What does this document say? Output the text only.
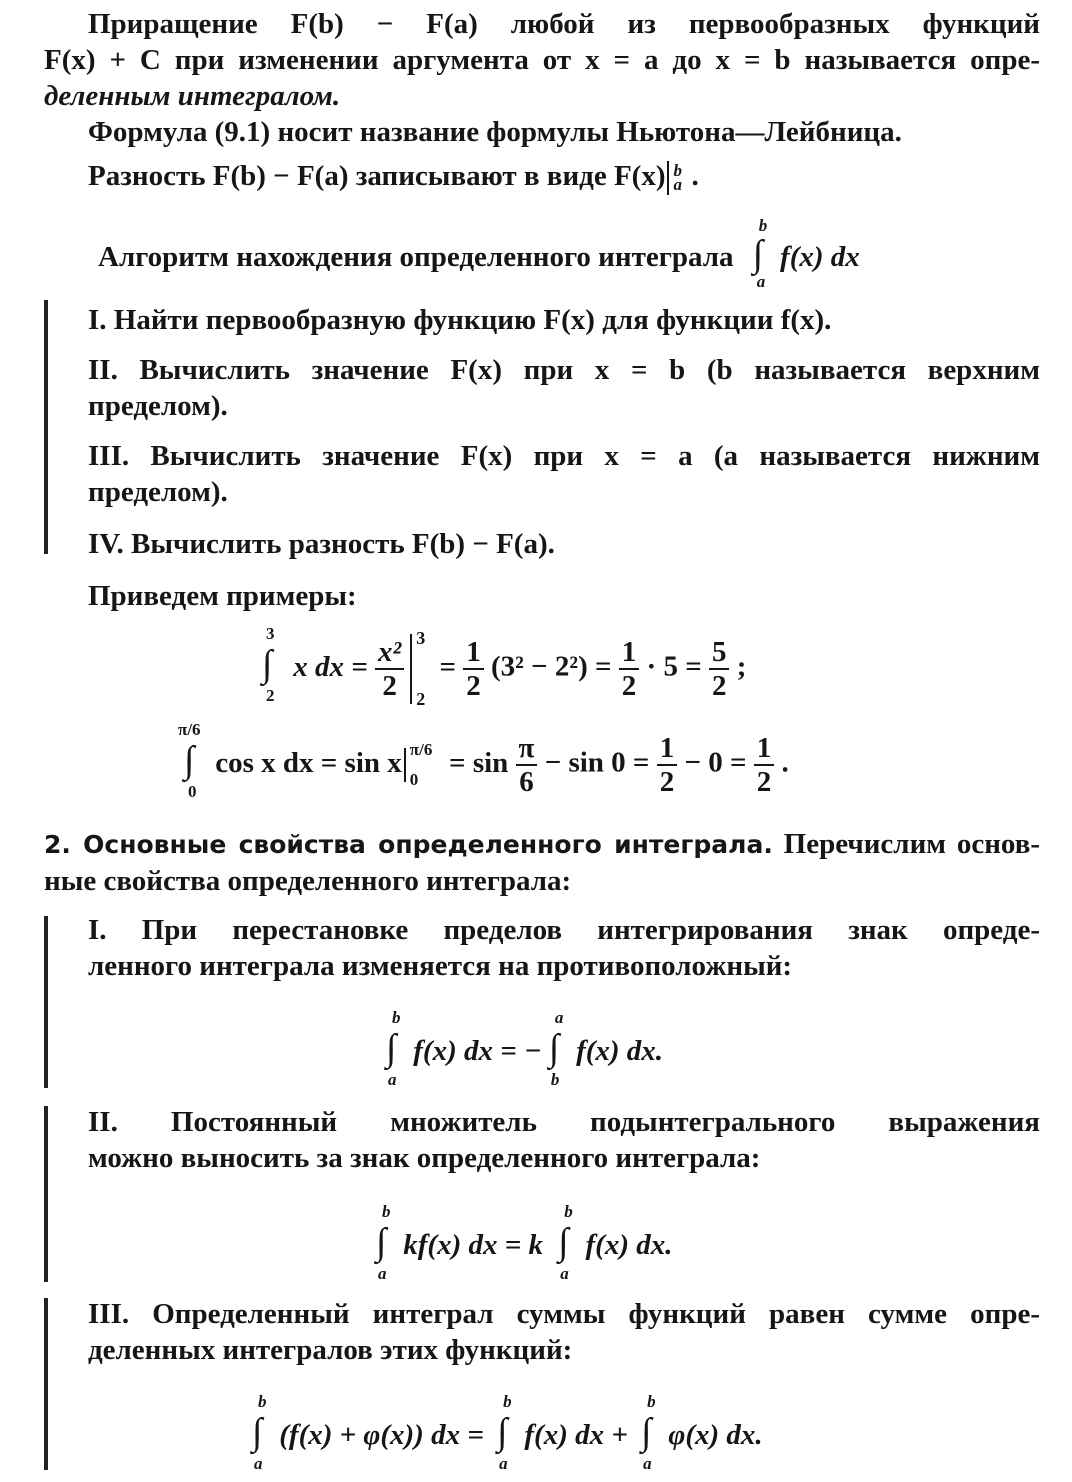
Приращение F(b) − F(a) любой из первообразных функций
F(x) + C при изменении аргумента от x = a до x = b называется опре-
деленным интегралом.
Формула (9.1) носит название формулы Ньютона—Лейбница.
Разность F(b) − F(a) записывают в виде F(x) b
a .
Алгоритм нахождения определенного интеграла ∫
b
a
f(x) dx
I. Найти первообразную функцию F(x) для функции f(x).
II. Вычислить значение F(x) при x = b (b называется верхним
пределом).
III. Вычислить значение F(x) при x = a (a называется нижним
пределом).
IV. Вычислить разность F(b) − F(a).
Приведем примеры:
∫
3
2
x dx = $\frac{\text{x²}}{2} 3$
2
= $\frac{1}{2} (3^2 - 2^2) = \frac{1}{2} \cdot 5 = \frac{5}{2}$ ;
∫
π/6
0
cos x dx = sin x π/6
0
= $\sin \frac{\pi}{6} - \sin 0 = \frac{1}{2} - 0 = \frac{1}{2}$ .
2. Основные свойства определенного интеграла. Перечислим основ-
ные свойства определенного интеграла:
I. При перестановке пределов интегрирования знак опреде-
ленного интеграла изменяется на противоположный:
∫
b
a
f(x) dx = − ∫
a
b
f(x) dx.
II. Постоянный множитель подынтегрального выражения
можно выносить за знак определенного интеграла:
∫
b
a
kf(x) dx = k ∫
b
a
f(x) dx.
III. Определенный интеграл суммы функций равен сумме опре-
деленных интегралов этих функций:
∫
b
a
(f(x) + φ(x)) dx = ∫
b
a
f(x) dx + ∫
b
a
φ(x) dx.
